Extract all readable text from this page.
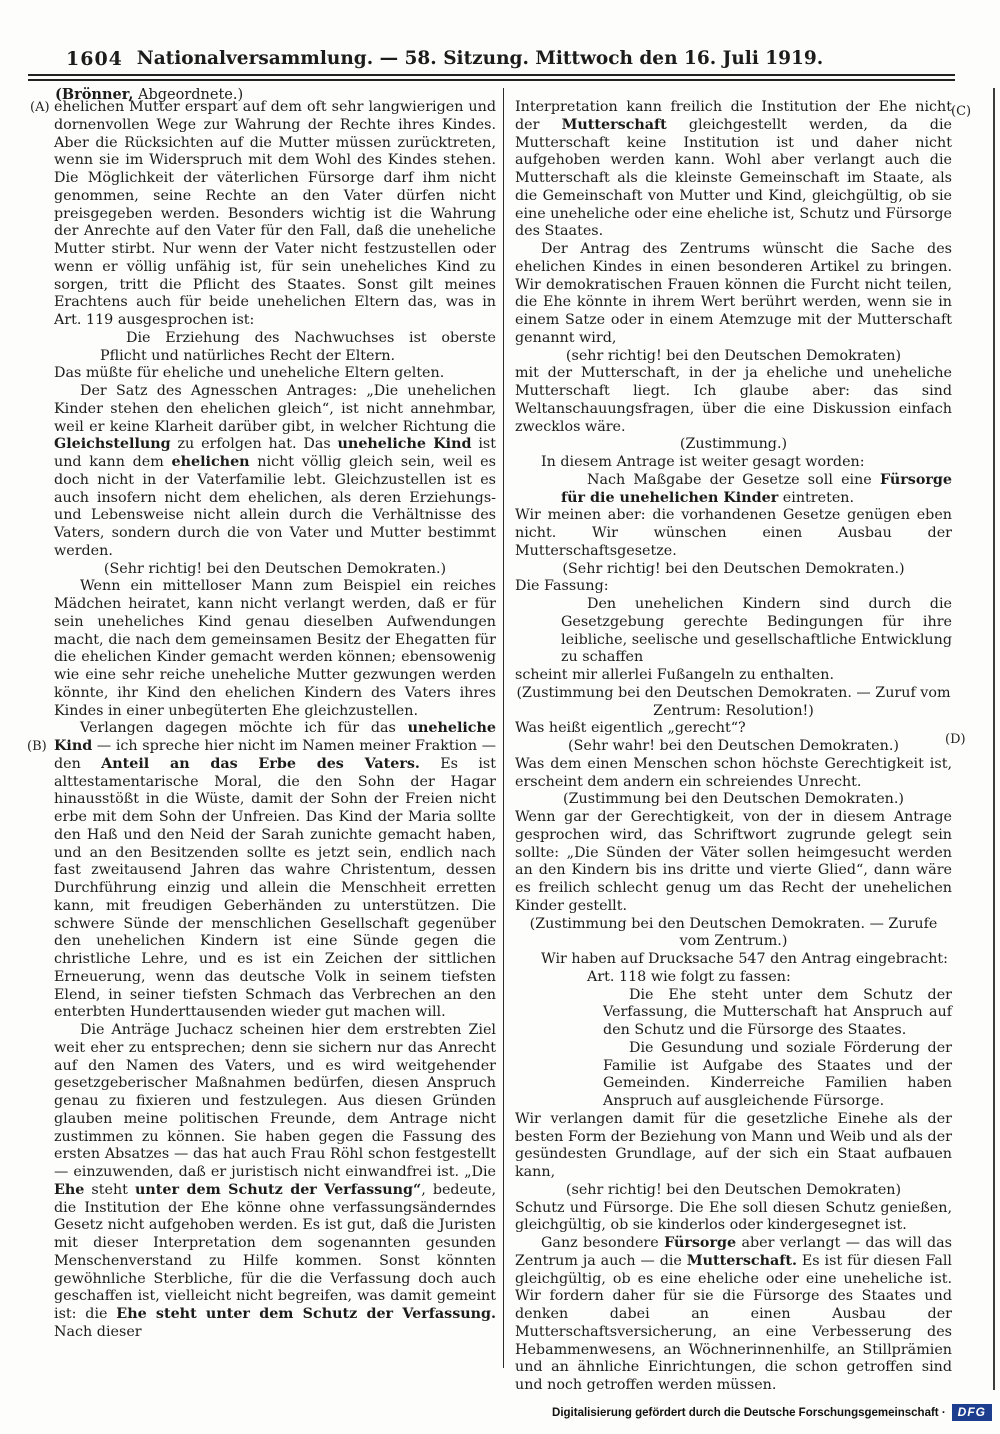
1604 Nationalversammlung. — 58. Sitzung. Mittwoch den 16. Juli 1919.
(Brönner, Abgeordnete.)
(A)
(B)
(C)
(D)
ehelichen Mutter erspart auf dem oft sehr langwierigen und dornenvollen Wege zur Wahrung der Rechte ihres Kindes. Aber die Rücksichten auf die Mutter müssen zurücktreten, wenn sie im Widerspruch mit dem Wohl des Kindes stehen. Die Möglichkeit der väterlichen Fürsorge darf ihm nicht genommen, seine Rechte an den Vater dürfen nicht preisgegeben werden. Besonders wichtig ist die Wahrung der Anrechte auf den Vater für den Fall, daß die uneheliche Mutter stirbt. Nur wenn der Vater nicht festzustellen oder wenn er völlig unfähig ist, für sein uneheliches Kind zu sorgen, tritt die Pflicht des Staates. Sonst gilt meines Erachtens auch für beide unehelichen Eltern das, was in Art. 119 ausgesprochen ist:
Die Erziehung des Nachwuchses ist oberste Pflicht und natürliches Recht der Eltern.
Das müßte für eheliche und uneheliche Eltern gelten.
Der Satz des Agnesschen Antrages: „Die unehelichen Kinder stehen den ehelichen gleich“, ist nicht annehmbar, weil er keine Klarheit darüber gibt, in welcher Richtung die Gleichstellung zu erfolgen hat. Das uneheliche Kind ist und kann dem ehelichen nicht völlig gleich sein, weil es doch nicht in der Vaterfamilie lebt. Gleichzustellen ist es auch insofern nicht dem ehelichen, als deren Erziehungs- und Lebensweise nicht allein durch die Verhältnisse des Vaters, sondern durch die von Vater und Mutter bestimmt werden.
(Sehr richtig! bei den Deutschen Demokraten.)
Wenn ein mittelloser Mann zum Beispiel ein reiches Mädchen heiratet, kann nicht verlangt werden, daß er für sein uneheliches Kind genau dieselben Aufwendungen macht, die nach dem gemeinsamen Besitz der Ehegatten für die ehelichen Kinder gemacht werden können; ebensowenig wie eine sehr reiche uneheliche Mutter gezwungen werden könnte, ihr Kind den ehelichen Kindern des Vaters ihres Kindes in einer unbegüterten Ehe gleichzustellen.
Verlangen dagegen möchte ich für das uneheliche Kind — ich spreche hier nicht im Namen meiner Fraktion — den Anteil an das Erbe des Vaters. Es ist alttestamentarische Moral, die den Sohn der Hagar hinausstößt in die Wüste, damit der Sohn der Freien nicht erbe mit dem Sohn der Unfreien. Das Kind der Maria sollte den Haß und den Neid der Sarah zunichte gemacht haben, und an den Besitzenden sollte es jetzt sein, endlich nach fast zweitausend Jahren das wahre Christentum, dessen Durchführung einzig und allein die Menschheit erretten kann, mit freudigen Geberhänden zu unterstützen. Die schwere Sünde der menschlichen Gesellschaft gegenüber den unehelichen Kindern ist eine Sünde gegen die christliche Lehre, und es ist ein Zeichen der sittlichen Erneuerung, wenn das deutsche Volk in seinem tiefsten Elend, in seiner tiefsten Schmach das Verbrechen an den enterbten Hunderttausenden wieder gut machen will.
Die Anträge Juchacz scheinen hier dem erstrebten Ziel weit eher zu entsprechen; denn sie sichern nur das Anrecht auf den Namen des Vaters, und es wird weitgehender gesetzgeberischer Maßnahmen bedürfen, diesen Anspruch genau zu fixieren und festzulegen. Aus diesen Gründen glauben meine politischen Freunde, dem Antrage nicht zustimmen zu können. Sie haben gegen die Fassung des ersten Absatzes — das hat auch Frau Röhl schon festgestellt — einzuwenden, daß er juristisch nicht einwandfrei ist. „Die Ehe steht unter dem Schutz der Verfassung“, bedeute, die Institution der Ehe könne ohne verfassungsänderndes Gesetz nicht aufgehoben werden. Es ist gut, daß die Juristen mit dieser Interpretation dem sogenannten gesunden Menschenverstand zu Hilfe kommen. Sonst könnten gewöhnliche Sterbliche, für die die Verfassung doch auch geschaffen ist, vielleicht nicht begreifen, was damit gemeint ist: die Ehe steht unter dem Schutz der Verfassung. Nach dieser
Interpretation kann freilich die Institution der Ehe nicht der Mutterschaft gleichgestellt werden, da die Mutterschaft keine Institution ist und daher nicht aufgehoben werden kann. Wohl aber verlangt auch die Mutterschaft als die kleinste Gemeinschaft im Staate, als die Gemeinschaft von Mutter und Kind, gleichgültig, ob sie eine uneheliche oder eine eheliche ist, Schutz und Fürsorge des Staates.
Der Antrag des Zentrums wünscht die Sache des ehelichen Kindes in einen besonderen Artikel zu bringen. Wir demokratischen Frauen können die Furcht nicht teilen, die Ehe könnte in ihrem Wert berührt werden, wenn sie in einem Satze oder in einem Atemzuge mit der Mutterschaft genannt wird,
(sehr richtig! bei den Deutschen Demokraten)
mit der Mutterschaft, in der ja eheliche und uneheliche Mutterschaft liegt. Ich glaube aber: das sind Weltanschauungsfragen, über die eine Diskussion einfach zwecklos wäre.
(Zustimmung.)
In diesem Antrage ist weiter gesagt worden:
Nach Maßgabe der Gesetze soll eine Fürsorge für die unehelichen Kinder eintreten.
Wir meinen aber: die vorhandenen Gesetze genügen eben nicht. Wir wünschen einen Ausbau der Mutterschaftsgesetze.
(Sehr richtig! bei den Deutschen Demokraten.)
Die Fassung:
Den unehelichen Kindern sind durch die Gesetzgebung gerechte Bedingungen für ihre leibliche, seelische und gesellschaftliche Entwicklung zu schaffen
scheint mir allerlei Fußangeln zu enthalten.
(Zustimmung bei den Deutschen Demokraten. — Zuruf vom Zentrum: Resolution!)
Was heißt eigentlich „gerecht“?
(Sehr wahr! bei den Deutschen Demokraten.)
Was dem einen Menschen schon höchste Gerechtigkeit ist, erscheint dem andern ein schreiendes Unrecht.
(Zustimmung bei den Deutschen Demokraten.)
Wenn gar der Gerechtigkeit, von der in diesem Antrage gesprochen wird, das Schriftwort zugrunde gelegt sein sollte: „Die Sünden der Väter sollen heimgesucht werden an den Kindern bis ins dritte und vierte Glied“, dann wäre es freilich schlecht genug um das Recht der unehelichen Kinder gestellt.
(Zustimmung bei den Deutschen Demokraten. — Zurufe vom Zentrum.)
Wir haben auf Drucksache 547 den Antrag eingebracht:
Art. 118 wie folgt zu fassen:
Die Ehe steht unter dem Schutz der Verfassung, die Mutterschaft hat Anspruch auf den Schutz und die Fürsorge des Staates.
Die Gesundung und soziale Förderung der Familie ist Aufgabe des Staates und der Gemeinden. Kinderreiche Familien haben Anspruch auf ausgleichende Fürsorge.
Wir verlangen damit für die gesetzliche Einehe als der besten Form der Beziehung von Mann und Weib und als der gesündesten Grundlage, auf der sich ein Staat aufbauen kann,
(sehr richtig! bei den Deutschen Demokraten)
Schutz und Fürsorge. Die Ehe soll diesen Schutz genießen, gleichgültig, ob sie kinderlos oder kindergesegnet ist.
Ganz besondere Fürsorge aber verlangt — das will das Zentrum ja auch — die Mutterschaft. Es ist für diesen Fall gleichgültig, ob es eine eheliche oder eine uneheliche ist. Wir fordern daher für sie die Fürsorge des Staates und denken dabei an einen Ausbau der Mutterschaftsversicherung, an eine Verbesserung des Hebammenwesens, an Wöchnerinnenhilfe, an Stillprämien und an ähnliche Einrichtungen, die schon getroffen sind und noch getroffen werden müssen.
Digitalisierung gefördert durch die Deutsche Forschungsgemeinschaft ·	DFG
